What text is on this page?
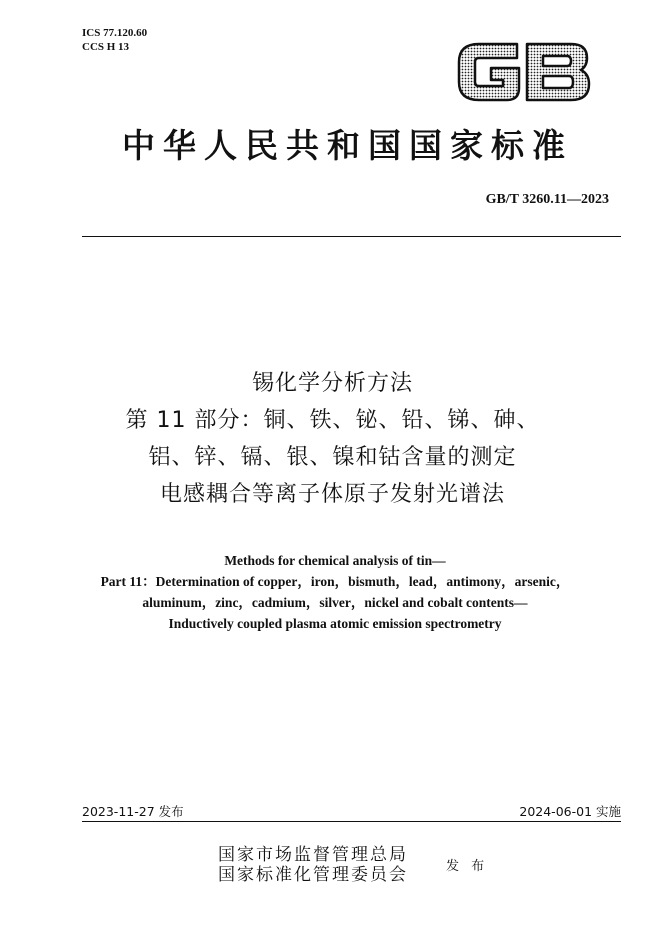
ICS 77.120.60
CCS H 13
中华人民共和国国家标准
GB/T 3260.11—2023
锡化学分析方法
第 11 部分：铜、铁、铋、铅、锑、砷、
铝、锌、镉、银、镍和钴含量的测定
电感耦合等离子体原子发射光谱法
Methods for chemical analysis of tin—
Part 11：Determination of copper，iron，bismuth，lead，antimony，arsenic，
aluminum，zinc，cadmium，silver，nickel and cobalt contents—
Inductively coupled plasma atomic emission spectrometry
2023-11-27 发布	2024-06-01 实施
国家市场监督管理总局
国家标准化管理委员会	发 布
